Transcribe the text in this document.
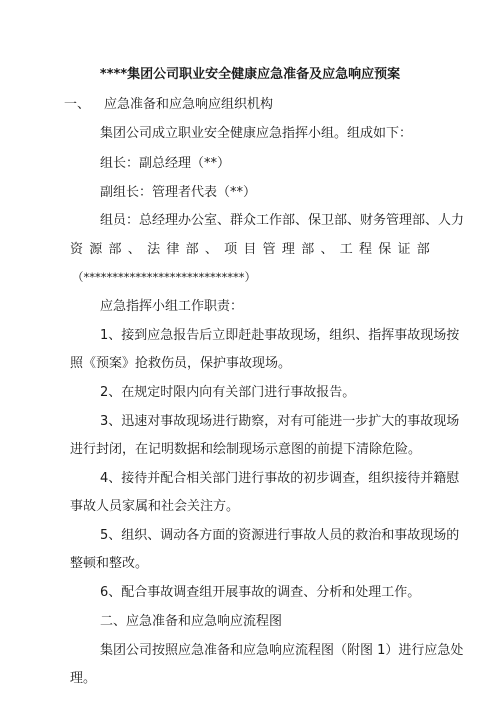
****集团公司职业安全健康应急准备及应急响应预案
一、 应急准备和应急响应组织机构
集团公司成立职业安全健康应急指挥小组。组成如下：
组长：副总经理（**）
副组长：管理者代表（**）
组员：总经理办公室、群众工作部、保卫部、财务管理部、人力
资 源 部 、 法 律 部 、 项 目 管 理 部 、 工 程 保 证 部
（****************************）
应急指挥小组工作职责：
1、接到应急报告后立即赶赴事故现场，组织、指挥事故现场按
照《预案》抢救伤员，保护事故现场。
2、在规定时限内向有关部门进行事故报告。
3、迅速对事故现场进行勘察，对有可能进一步扩大的事故现场
进行封闭，在记明数据和绘制现场示意图的前提下清除危险。
4、接待并配合相关部门进行事故的初步调查，组织接待并籍慰
事故人员家属和社会关注方。
5、组织、调动各方面的资源进行事故人员的救治和事故现场的
整顿和整改。
6、配合事故调查组开展事故的调查、分析和处理工作。
二、应急准备和应急响应流程图
集团公司按照应急准备和应急响应流程图（附图 1）进行应急处
理。
